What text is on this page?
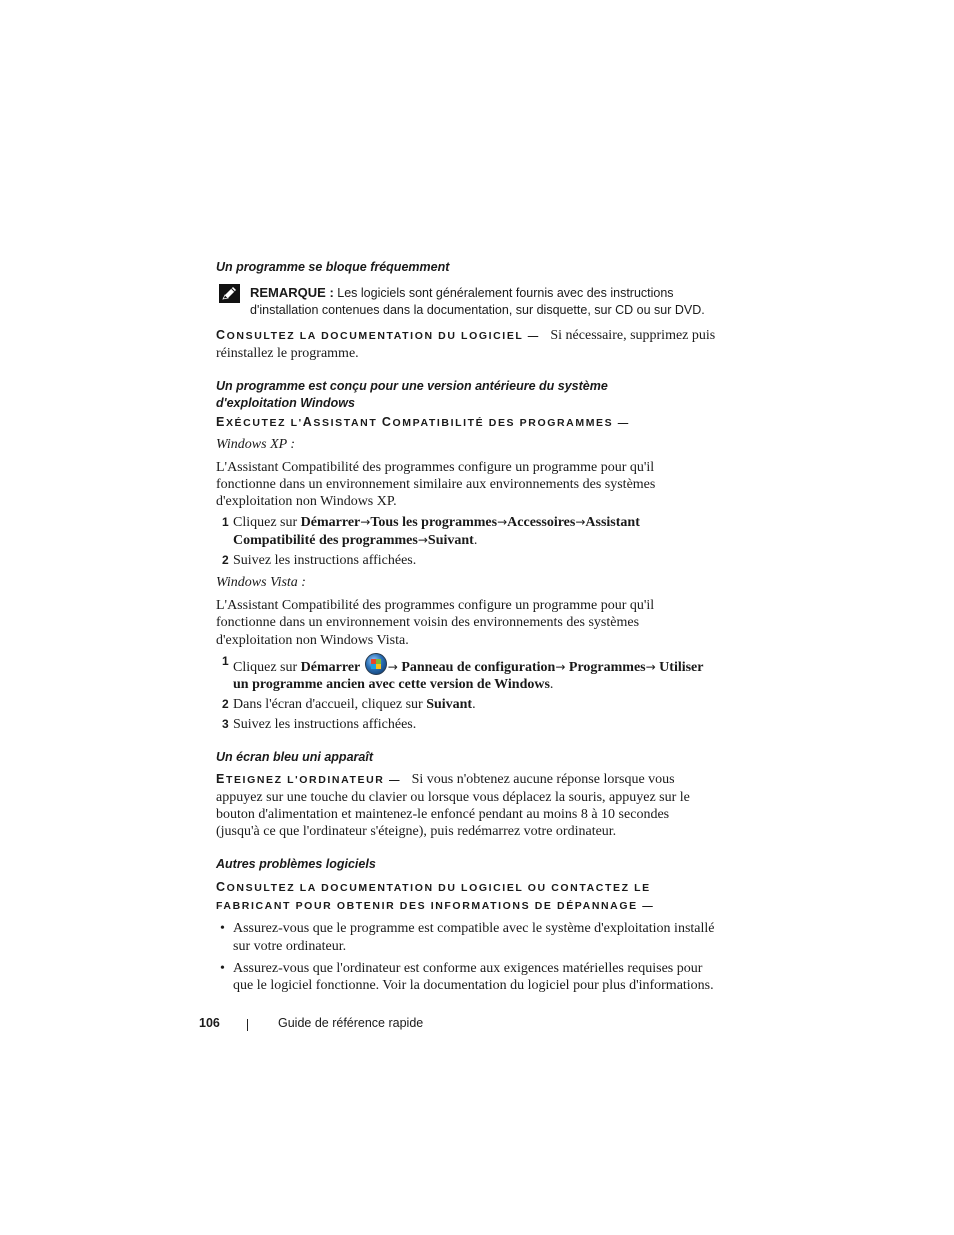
Un programme se bloque fréquemment

REMARQUE : Les logiciels sont généralement fournis avec des instructions d'installation contenues dans la documentation, sur disquette, sur CD ou sur DVD.

CONSULTEZ LA DOCUMENTATION DU LOGICIEL — Si nécessaire, supprimez puis réinstallez le programme.

Un programme est conçu pour une version antérieure du système

d'exploitation Windows

EXÉCUTEZ L'ASSISTANT COMPATIBILITÉ DES PROGRAMMES —

Windows XP :

L'Assistant Compatibilité des programmes configure un programme pour qu'il fonctionne dans un environnement similaire aux environnements des systèmes d'exploitation non Windows XP.

1 Cliquez sur Démarrer→Tous les programmes→Accessoires→Assistant Compatibilité des programmes→Suivant.
2 Suivez les instructions affichées.

Windows Vista :

L'Assistant Compatibilité des programmes configure un programme pour qu'il fonctionne dans un environnement voisin des environnements des systèmes d'exploitation non Windows Vista.

1 Cliquez sur Démarrer → Panneau de configuration→ Programmes→ Utiliser un programme ancien avec cette version de Windows.
2 Dans l'écran d'accueil, cliquez sur Suivant.
3 Suivez les instructions affichées.

Un écran bleu uni apparaît

ETEIGNEZ L'ORDINATEUR — Si vous n'obtenez aucune réponse lorsque vous appuyez sur une touche du clavier ou lorsque vous déplacez la souris, appuyez sur le bouton d'alimentation et maintenez-le enfoncé pendant au moins 8 à 10 secondes (jusqu'à ce que l'ordinateur s'éteigne), puis redémarrez votre ordinateur.

Autres problèmes logiciels

CONSULTEZ LA DOCUMENTATION DU LOGICIEL OU CONTACTEZ LE FABRICANT POUR OBTENIR DES INFORMATIONS DE DÉPANNAGE —

• Assurez-vous que le programme est compatible avec le système d'exploitation installé sur votre ordinateur.
• Assurez-vous que l'ordinateur est conforme aux exigences matérielles requises pour que le logiciel fonctionne. Voir la documentation du logiciel pour plus d'informations.
106	Guide de référence rapide
